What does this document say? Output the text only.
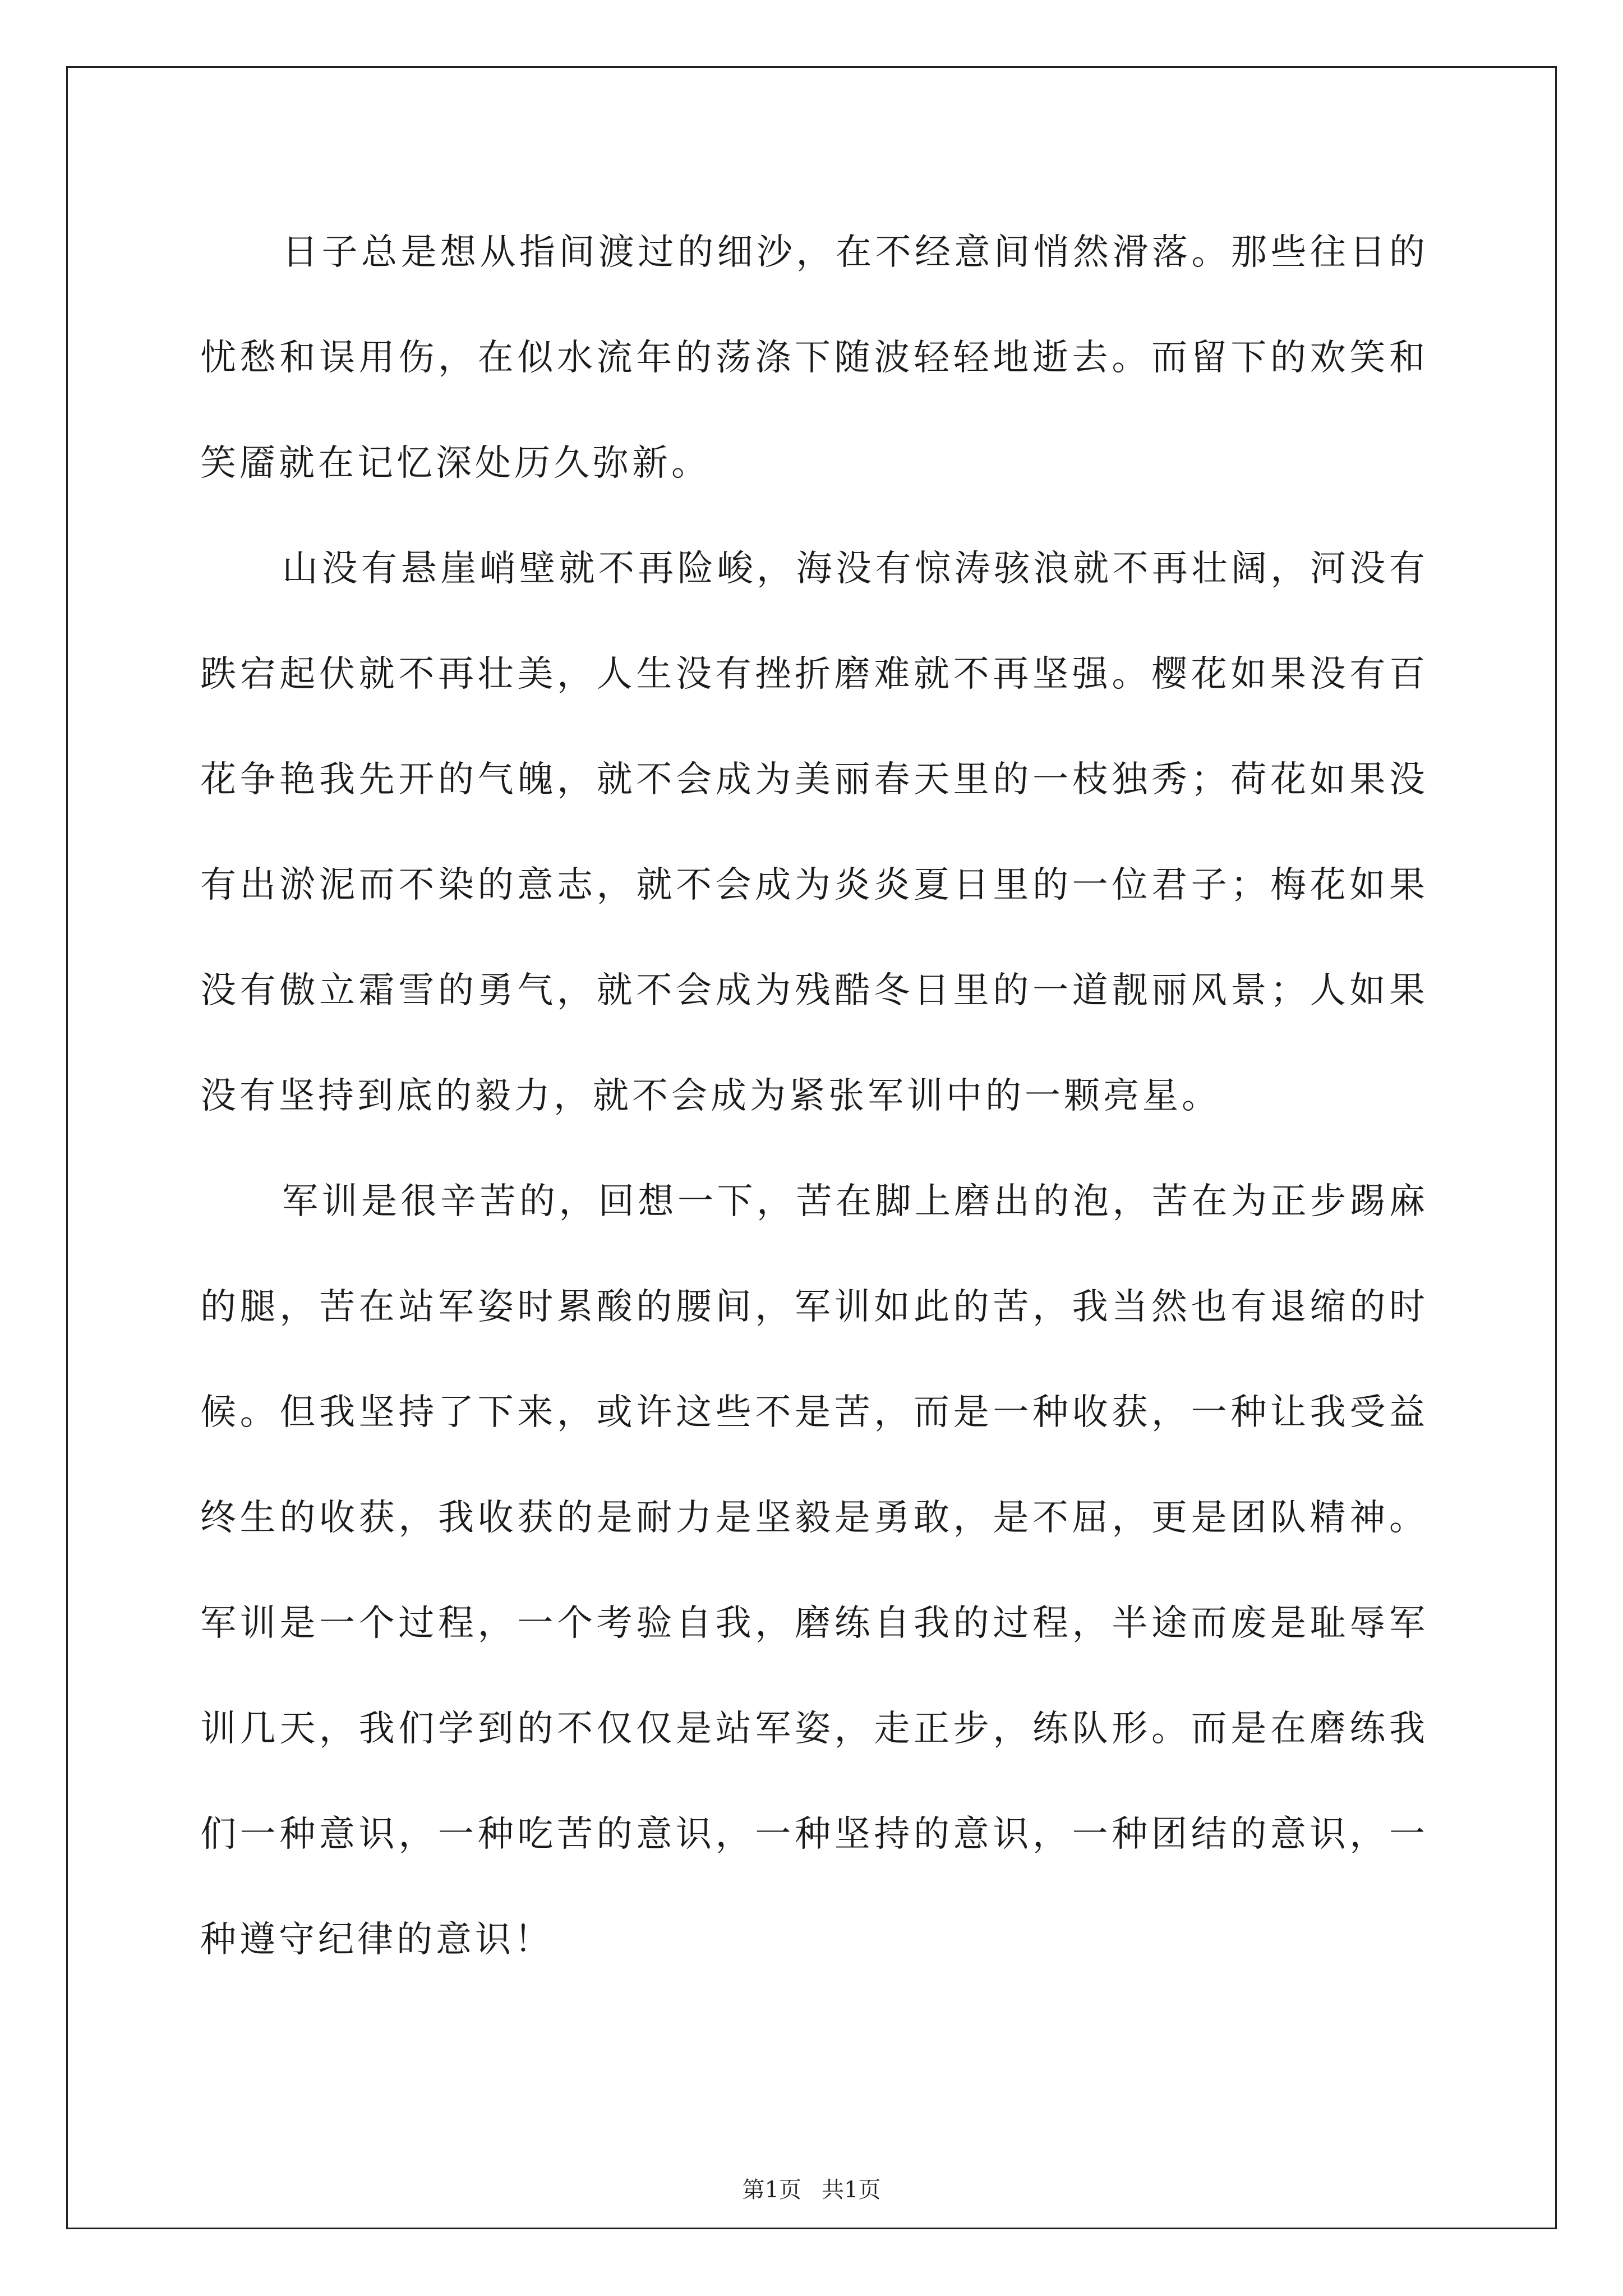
日子总是想从指间渡过的细沙，在不经意间悄然滑落。那些往日的忧愁和误用伤，在似水流年的荡涤下随波轻轻地逝去。而留下的欢笑和笑靥就在记忆深处历久弥新。

山没有悬崖峭壁就不再险峻，海没有惊涛骇浪就不再壮阔，河没有跌宕起伏就不再壮美，人生没有挫折磨难就不再坚强。樱花如果没有百花争艳我先开的气魄，就不会成为美丽春天里的一枝独秀；荷花如果没有出淤泥而不染的意志，就不会成为炎炎夏日里的一位君子；梅花如果没有傲立霜雪的勇气，就不会成为残酷冬日里的一道靓丽风景；人如果没有坚持到底的毅力，就不会成为紧张军训中的一颗亮星。

军训是很辛苦的，回想一下，苦在脚上磨出的泡，苦在为正步踢麻的腿，苦在站军姿时累酸的腰间，军训如此的苦，我当然也有退缩的时候。但我坚持了下来，或许这些不是苦，而是一种收获，一种让我受益终生的收获，我收获的是耐力是坚毅是勇敢，是不屈，更是团队精神。军训是一个过程，一个考验自我，磨练自我的过程，半途而废是耻辱军训几天，我们学到的不仅仅是站军姿，走正步，练队形。而是在磨练我们一种意识，一种吃苦的意识，一种坚持的意识，一种团结的意识，一种遵守纪律的意识！

第1页 共1页
